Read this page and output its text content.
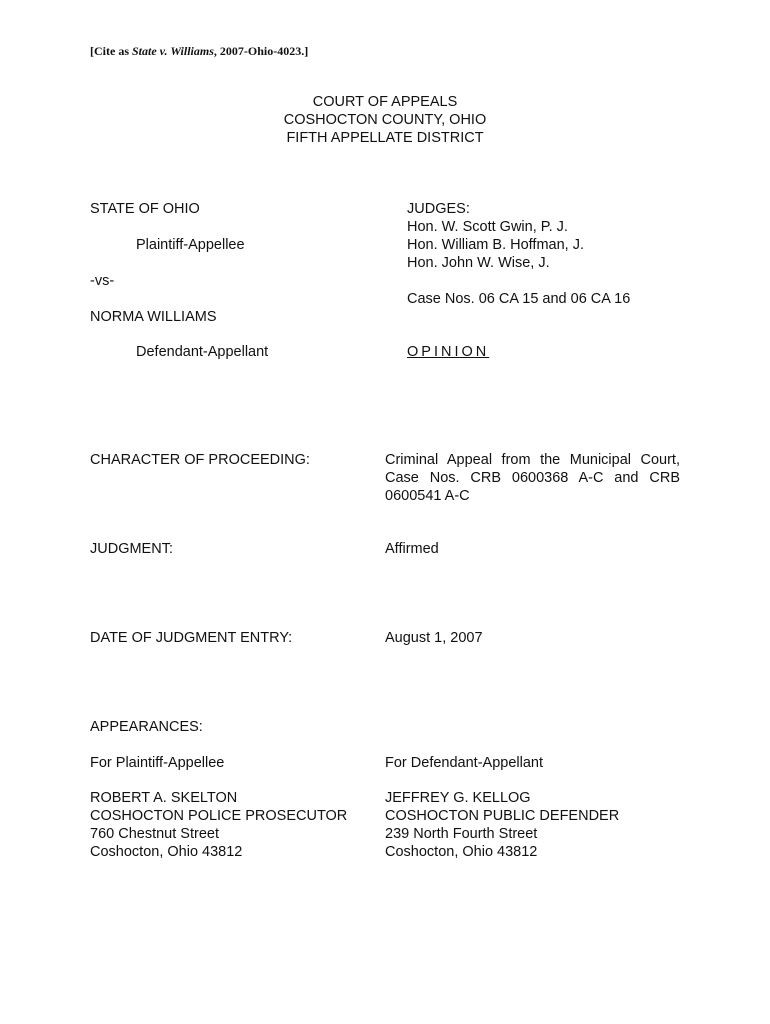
[Cite as State v. Williams, 2007-Ohio-4023.]
COURT OF APPEALS
COSHOCTON COUNTY, OHIO
FIFTH APPELLATE DISTRICT
STATE OF OHIO
Plaintiff-Appellee
-vs-
NORMA WILLIAMS
Defendant-Appellant
JUDGES:
Hon. W. Scott Gwin, P. J.
Hon. William B. Hoffman, J.
Hon. John W. Wise, J.
Case Nos. 06 CA 15 and 06 CA 16
OPINION
CHARACTER OF PROCEEDING:	Criminal Appeal from the Municipal Court, Case Nos. CRB 0600368 A-C and CRB 0600541 A-C
JUDGMENT:	Affirmed
DATE OF JUDGMENT ENTRY:	August 1, 2007
APPEARANCES:
For Plaintiff-Appellee
ROBERT A. SKELTON
COSHOCTON POLICE PROSECUTOR
760 Chestnut Street
Coshocton, Ohio 43812
For Defendant-Appellant
JEFFREY G. KELLOG
COSHOCTON PUBLIC DEFENDER
239 North Fourth Street
Coshocton, Ohio 43812
